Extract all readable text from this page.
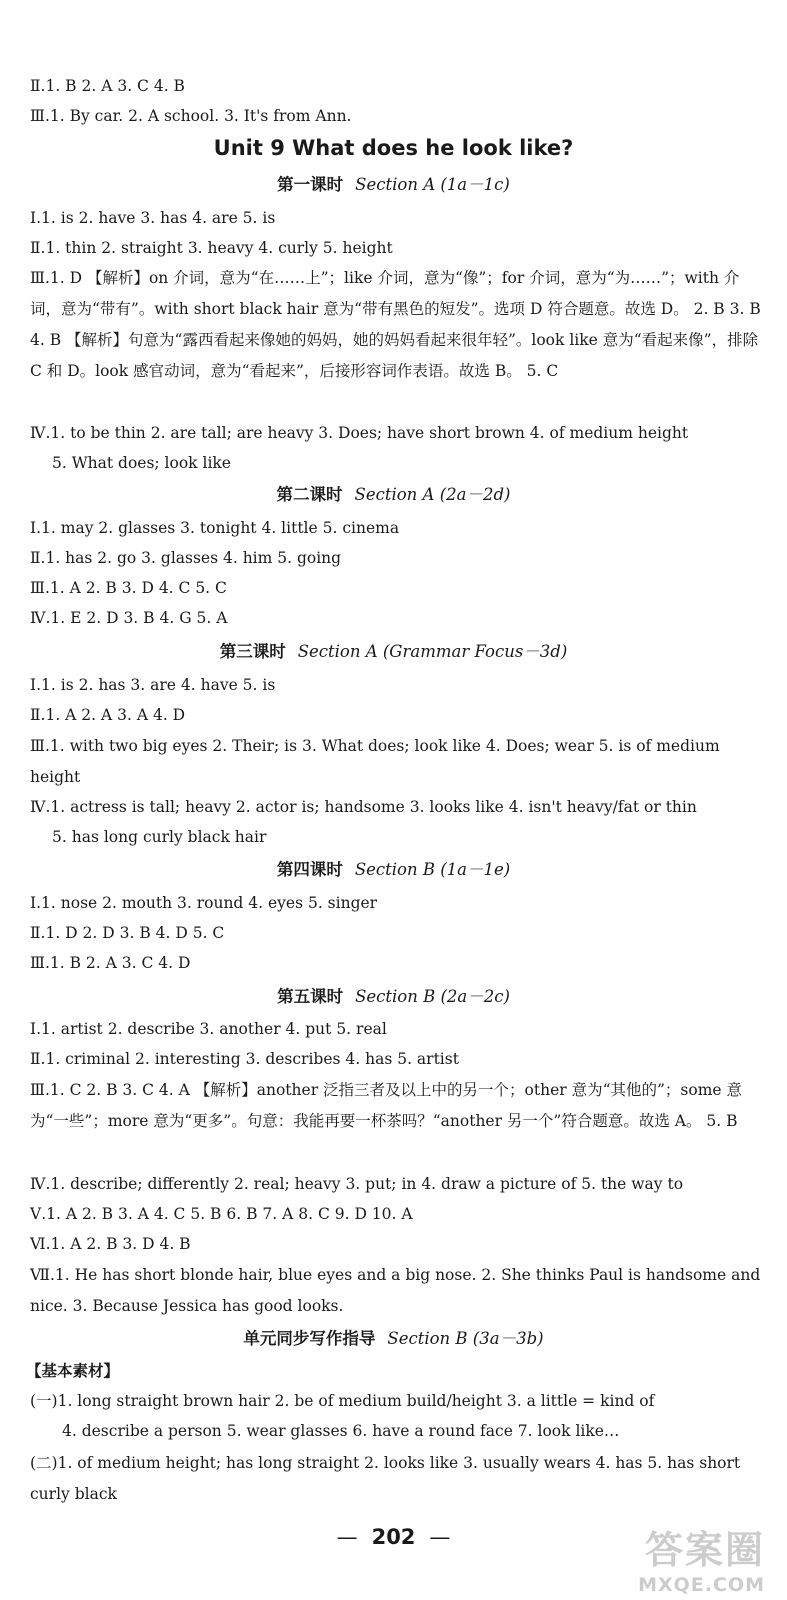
Ⅱ.1. B 2. A 3. C 4. B
Ⅲ.1. By car. 2. A school. 3. It's from Ann.
Unit 9 What does he look like?
第一课时 Section A (1a－1c)
Ⅰ.1. is 2. have 3. has 4. are 5. is
Ⅱ.1. thin 2. straight 3. heavy 4. curly 5. height
Ⅲ.1. D 【解析】on 介词，意为“在……上”；like 介词，意为“像”；for 介词，意为“为……”；with 介词，意为“带有”。with short black hair 意为“带有黑色的短发”。选项 D 符合题意。故选 D。 2. B 3. B 4. B 【解析】句意为“露西看起来像她的妈妈，她的妈妈看起来很年轻”。look like 意为“看起来像”，排除 C 和 D。look 感官动词，意为“看起来”，后接形容词作表语。故选 B。 5. C
Ⅳ.1. to be thin 2. are tall; are heavy 3. Does; have short brown 4. of medium height
5. What does; look like
第二课时 Section A (2a－2d)
Ⅰ.1. may 2. glasses 3. tonight 4. little 5. cinema
Ⅱ.1. has 2. go 3. glasses 4. him 5. going
Ⅲ.1. A 2. B 3. D 4. C 5. C
Ⅳ.1. E 2. D 3. B 4. G 5. A
第三课时 Section A (Grammar Focus－3d)
Ⅰ.1. is 2. has 3. are 4. have 5. is
Ⅱ.1. A 2. A 3. A 4. D
Ⅲ.1. with two big eyes 2. Their; is 3. What does; look like 4. Does; wear 5. is of medium height
Ⅳ.1. actress is tall; heavy 2. actor is; handsome 3. looks like 4. isn't heavy/fat or thin
5. has long curly black hair
第四课时 Section B (1a－1e)
Ⅰ.1. nose 2. mouth 3. round 4. eyes 5. singer
Ⅱ.1. D 2. D 3. B 4. D 5. C
Ⅲ.1. B 2. A 3. C 4. D
第五课时 Section B (2a－2c)
Ⅰ.1. artist 2. describe 3. another 4. put 5. real
Ⅱ.1. criminal 2. interesting 3. describes 4. has 5. artist
Ⅲ.1. C 2. B 3. C 4. A 【解析】another 泛指三者及以上中的另一个；other 意为“其他的”；some 意为“一些”；more 意为“更多”。句意：我能再要一杯茶吗？“another 另一个”符合题意。故选 A。 5. B
Ⅳ.1. describe; differently 2. real; heavy 3. put; in 4. draw a picture of 5. the way to
Ⅴ.1. A 2. B 3. A 4. C 5. B 6. B 7. A 8. C 9. D 10. A
Ⅵ.1. A 2. B 3. D 4. B
Ⅶ.1. He has short blonde hair, blue eyes and a big nose. 2. She thinks Paul is handsome and nice. 3. Because Jessica has good looks.
单元同步写作指导 Section B (3a－3b)
【基本素材】
(一)1. long straight brown hair 2. be of medium build/height 3. a little = kind of
4. describe a person 5. wear glasses 6. have a round face 7. look like…
(二)1. of medium height; has long straight 2. looks like 3. usually wears 4. has 5. has short curly black
— 202 —	答案圈
MXQE.COM
